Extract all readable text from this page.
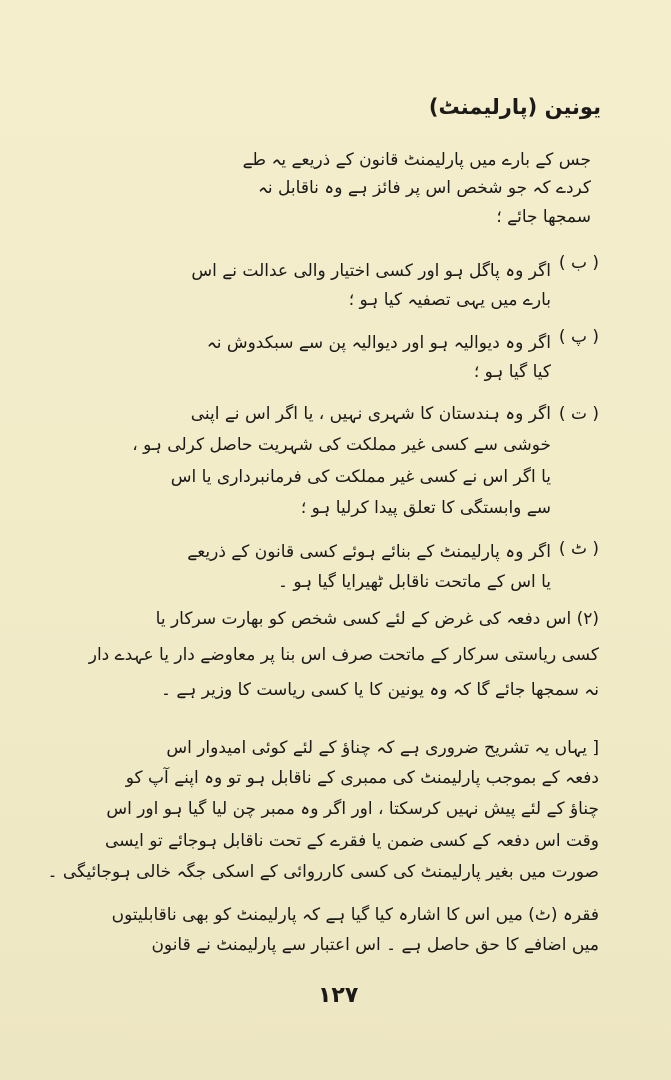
یونین (پارلیمنٹ)
جس کے بارے میں پارلیمنٹ قانون کے ذریعے یہ طے
کردے کہ جو شخص اس پر فائز ہے وہ ناقابل نہ
سمجھا جائے ؛
( ب )
اگر وہ پاگل ہو اور کسی اختیار والی عدالت نے اس
بارے میں یہی تصفیہ کیا ہو ؛
( پ )
اگر وہ دیوالیہ ہو اور دیوالیہ پن سے سبکدوش نہ
کیا گیا ہو ؛
( ت )
اگر وہ ہندستان کا شہری نہیں ، یا اگر اس نے اپنی
خوشی سے کسی غیر مملکت کی شہریت حاصل کرلی ہو ،
یا اگر اس نے کسی غیر مملکت کی فرمانبرداری یا اس
سے وابستگی کا تعلق پیدا کرلیا ہو ؛
( ٹ )
اگر وہ پارلیمنٹ کے بنائے ہوئے کسی قانون کے ذریعے
یا اس کے ماتحت ناقابل ٹھیرایا گیا ہو ۔
(۲) اس دفعہ کی غرض کے لئے کسی شخص کو بھارت سرکار یا
کسی ریاستی سرکار کے ماتحت صرف اس بنا پر معاوضے دار یا عہدے دار
نہ سمجھا جائے گا کہ وہ یونین کا یا کسی ریاست کا وزیر ہے ۔
[ یہاں یہ تشریح ضروری ہے کہ چناؤ کے لئے کوئی امیدوار اس
دفعہ کے بموجب پارلیمنٹ کی ممبری کے ناقابل ہو تو وہ اپنے آپ کو
چناؤ کے لئے پیش نہیں کرسکتا ، اور اگر وہ ممبر چن لیا گیا ہو اور اس
وقت اس دفعہ کے کسی ضمن یا فقرے کے تحت ناقابل ہوجائے تو ایسی
صورت میں بغیر پارلیمنٹ کی کسی کارروائی کے اسکی جگہ خالی ہوجائیگی ۔
فقرہ (ٹ) میں اس کا اشارہ کیا گیا ہے کہ پارلیمنٹ کو بھی ناقابلیتوں
میں اضافے کا حق حاصل ہے ۔ اس اعتبار سے پارلیمنٹ نے قانون
۱۲۷
